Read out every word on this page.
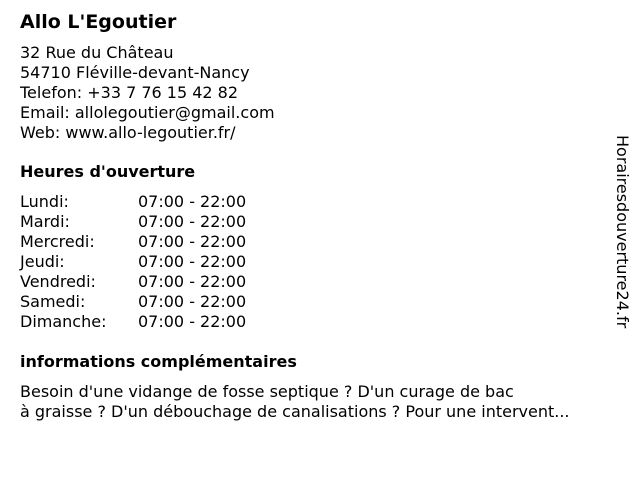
Allo L'Egoutier
32 Rue du Château
54710 Fléville-devant-Nancy
Telefon: +33 7 76 15 42 82
Email: allolegoutier@gmail.com
Web: www.allo-legoutier.fr/
Heures d'ouverture
Lundi:	07:00 - 22:00
Mardi:	07:00 - 22:00
Mercredi:	07:00 - 22:00
Jeudi:	07:00 - 22:00
Vendredi:	07:00 - 22:00
Samedi:	07:00 - 22:00
Dimanche:	07:00 - 22:00
informations complémentaires
Besoin d'une vidange de fosse septique ? D'un curage de bac
à graisse ? D'un débouchage de canalisations ? Pour une intervent...
Horairesdouverture24.fr
